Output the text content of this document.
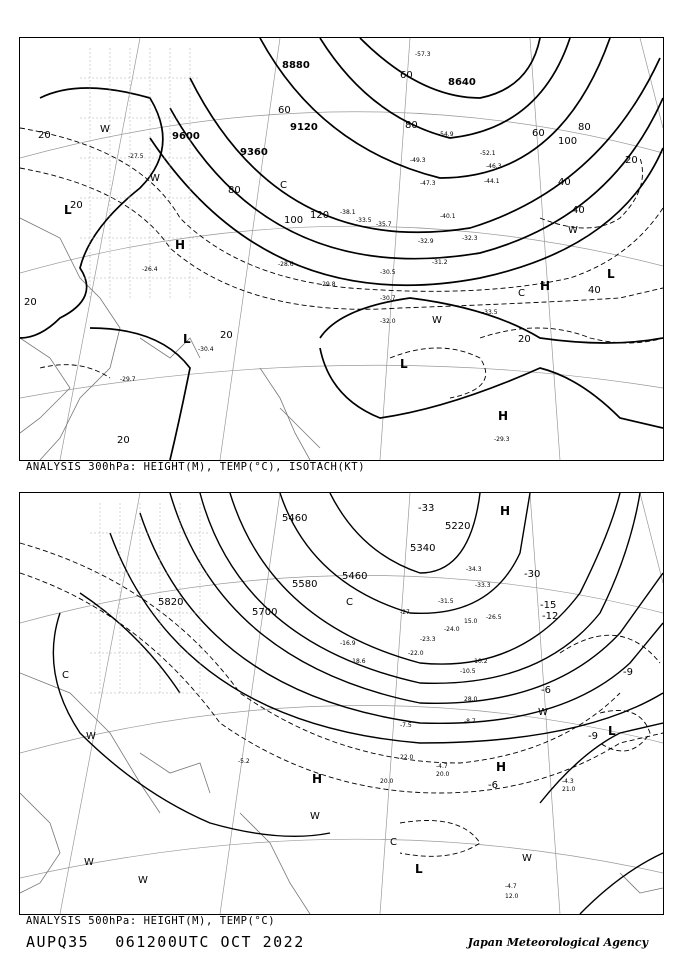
8880
8640
9600
9120
9360
20
20
20
20	20
20
20
40
40
40
60
60
60
80
80
80
100
100
120
-57.3
-54.9
-52.1
-49.3
-47.3
-46.3
-44.1
-40.1
-38.1
-35.7
-33.5
-33.5
-32.9	-32.3
-31.2
-30.7
-30.5
-29.8
-29.7
-29.3
-28.6
-27.5
-26.4
-30.4
-32.0
H
H
H
L
L
L
L
C
C
W
W
W
W
ANALYSIS 300hPa: HEIGHT(M), TEMP(°C), ISOTACH(KT)
5460
5220
5340
5580
5460
5820
5700
-33
-34.3
-33.3
-31.5
-30
-27
-26.5
-24.0
-23.3
-22.0
-18.6
-16.9
-15
-12
-10.5
-10.2
-9
-9
-8.7
-7.5
-6
-6
-5.2
-4.7
-4.3
-4.7
12.0
20.0
21.0
22.0
20.0
28.0
15.0
H
H
H
L
L
C
C
C
W
W
W
W
W
W
ANALYSIS 500hPa: HEIGHT(M), TEMP(°C)
AUPQ35 061200UTC OCT 2022	Japan Meteorological Agency
